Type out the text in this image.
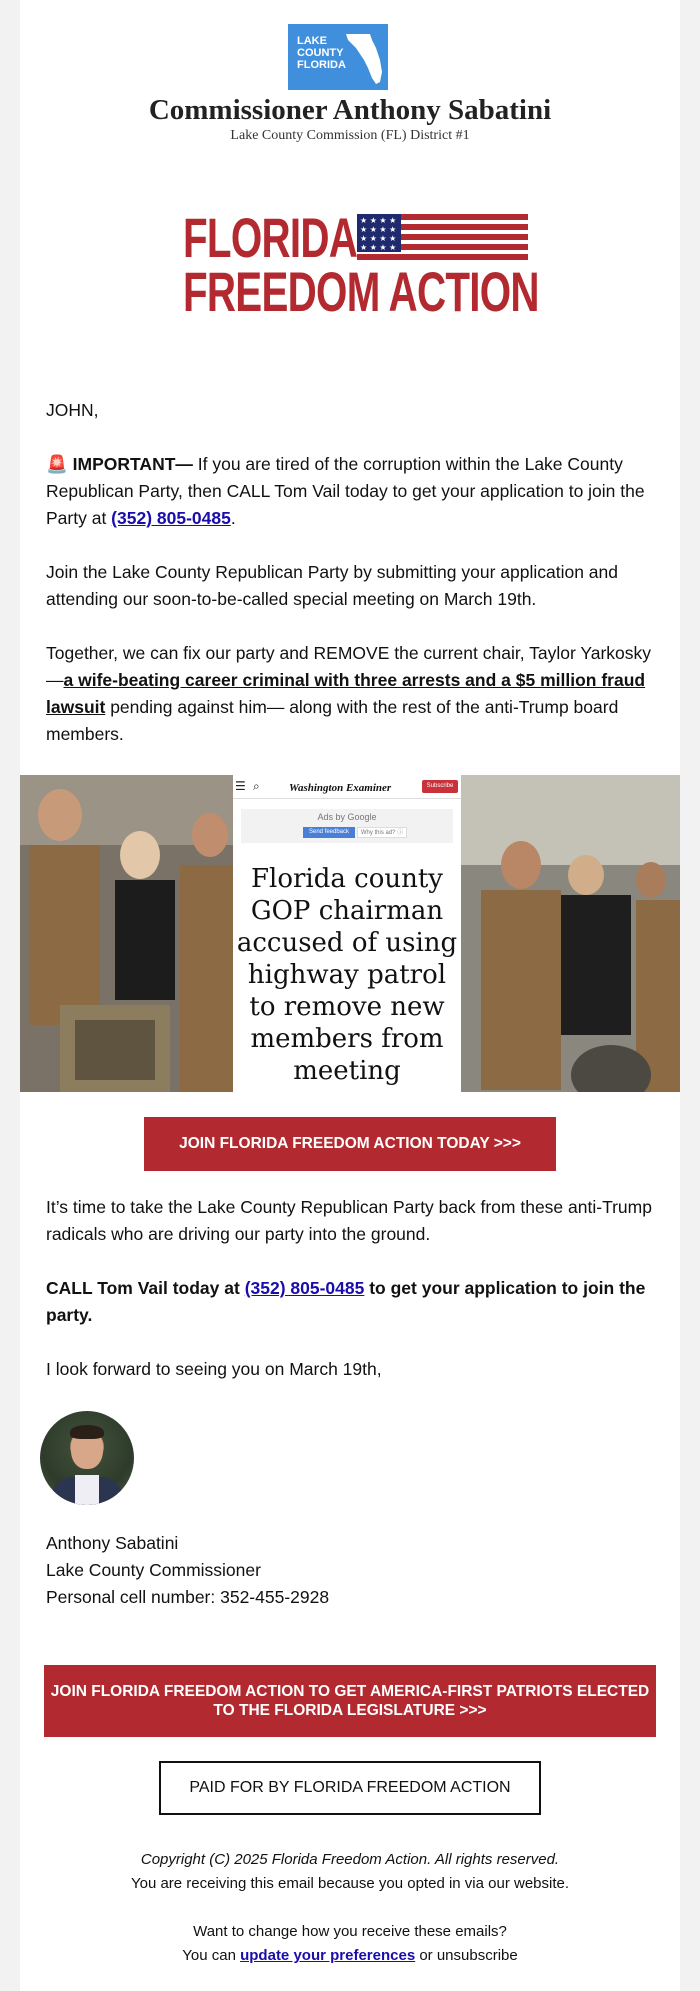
LAKE COUNTY FLORIDA
Commissioner Anthony Sabatini
Lake County Commission (FL) District #1
FLORIDA
FREEDOM ACTION
★ ★ ★ ★
★ ★ ★ ★
★ ★ ★ ★
★ ★ ★ ★
JOHN,
🚨 IMPORTANT— If you are tired of the corruption within the Lake County Republican Party, then CALL Tom Vail today to get your application to join the Party at (352) 805-0485.
Join the Lake County Republican Party by submitting your application and attending our soon-to-be-called special meeting on March 19th.
Together, we can fix our party and REMOVE the current chair, Taylor Yarkosky —a wife-beating career criminal with three arrests and a $5 million fraud lawsuit pending against him— along with the rest of the anti-Trump board members.
☰ ⌕	Washington Examiner	Subscribe
Ads by Google
Send feedback	Why this ad? ⓘ
Florida county GOP chairman accused of using highway patrol to remove new members from meeting
JOIN FLORIDA FREEDOM ACTION TODAY >>>
It’s time to take the Lake County Republican Party back from these anti-Trump radicals who are driving our party into the ground.
CALL Tom Vail today at (352) 805-0485 to get your application to join the party.
I look forward to seeing you on March 19th,
Anthony Sabatini
Lake County Commissioner
Personal cell number: 352-455-2928
JOIN FLORIDA FREEDOM ACTION TO GET AMERICA-FIRST PATRIOTS ELECTED TO THE FLORIDA LEGISLATURE >>>
PAID FOR BY FLORIDA FREEDOM ACTION
Copyright (C) 2025 Florida Freedom Action. All rights reserved.
You are receiving this email because you opted in via our website.
Want to change how you receive these emails?
You can update your preferences or unsubscribe
